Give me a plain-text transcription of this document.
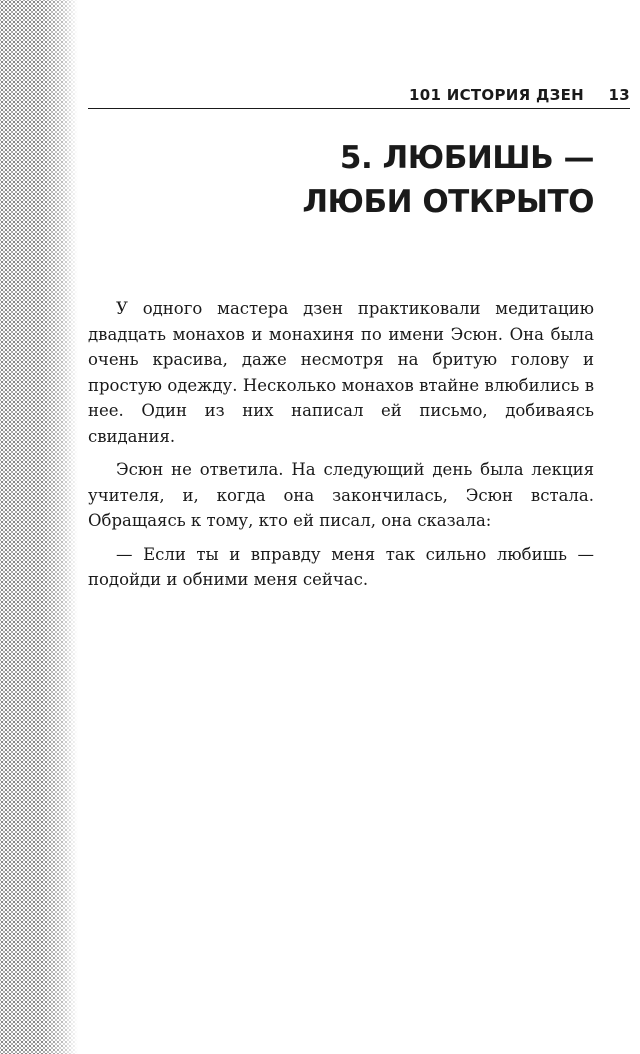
101 ИСТОРИЯ ДЗЕН 13
5. ЛЮБИШЬ —
ЛЮБИ ОТКРЫТО

У одного мастера дзен практиковали медитацию двадцать монахов и монахиня по имени Эсюн. Она была очень красива, даже несмотря на бритую голову и простую одежду. Несколько монахов втайне влюбились в нее. Один из них написал ей письмо, добиваясь свидания.

Эсюн не ответила. На следующий день была лекция учителя, и, когда она закончилась, Эсюн встала. Обращаясь к тому, кто ей писал, она сказала:

— Если ты и вправду меня так сильно любишь — подойди и обними меня сейчас.
